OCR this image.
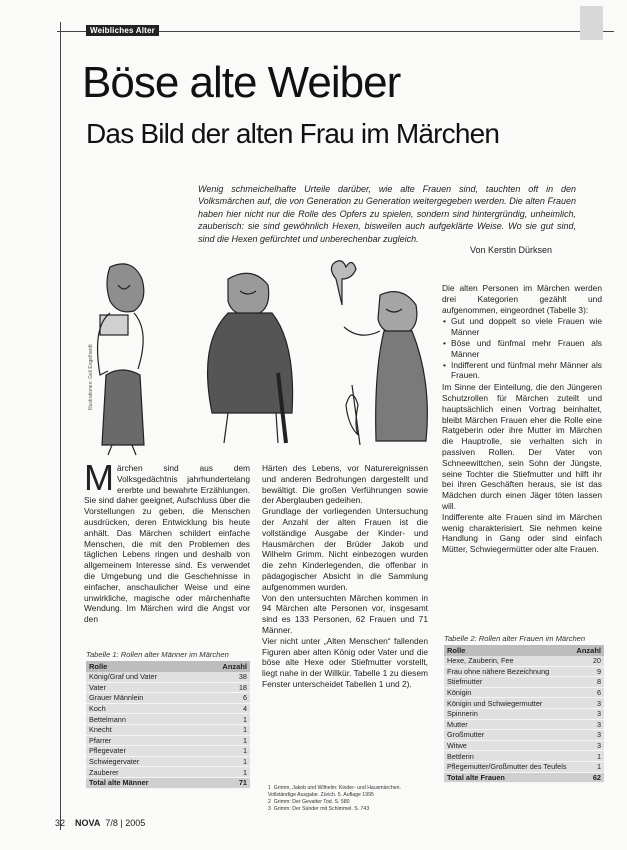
Weibliches Alter
Böse alte Weiber
Das Bild der alten Frau im Märchen
Wenig schmeichelhafte Urteile darüber, wie alte Frauen sind, tauchten oft in den Volksmärchen auf, die von Generation zu Generation weitergegeben werden. Die alten Frauen haben hier nicht nur die Rolle des Opfers zu spielen, sondern sind hintergründig, unheimlich, zauberisch: sie sind gewöhnlich Hexen, bisweilen auch aufgeklärte Weise. Wo sie gut sind, sind die Hexen gefürchtet und unberechenbar zugleich.
Von Kerstin Dürksen
Illustrationen: Geli Engelhardt
M ärchen sind aus dem Volksgedächtnis jahrhundertelang ererbte und bewahrte Erzählungen. Sie sind daher geeignet, Aufschluss über die Vorstellungen zu geben, die Menschen ausdrücken, deren Entwicklung bis heute anhält. Das Märchen schildert einfache Menschen, die mit den Problemen des täglichen Lebens ringen und deshalb von allgemeinem Interesse sind. Es verwendet die Umgebung und die Geschehnisse in einfacher, anschaulicher Weise und eine unwirkliche, magische oder märchenhafte Wendung. Im Märchen wird die Angst vor den

Härten des Lebens, vor Naturereignissen und anderen Bedrohungen dargestellt und bewältigt. Die großen Verführungen sowie der Aberglauben gedeihen.

Grundlage der vorliegenden Untersuchung der Anzahl der alten Frauen ist die vollständige Ausgabe der Kinder- und Hausmärchen der Brüder Jakob und Wilhelm Grimm. Nicht einbezogen wurden die zehn Kinderlegenden, die offenbar in pädagogischer Absicht in die Sammlung aufgenommen wurden.

Von den untersuchten Märchen kommen in 94 Märchen alte Personen vor, insgesamt sind es 133 Personen, 62 Frauen und 71 Männer.

Vier nicht unter „Alten Menschen“ fallenden Figuren aber alten König oder Vater und die böse alte Hexe oder Stiefmutter vorstellt, liegt nahe in der Willkür. Tabelle 1 zu diesem Fenster unterscheidet Tabellen 1 und 2).

Die alten Personen im Märchen werden drei Kategorien gezählt und aufgenommen, eingeordnet (Tabelle 3):

• Gut und doppelt so viele Frauen wie Männer
• Böse und fünfmal mehr Frauen als Männer
• Indifferent und fünfmal mehr Männer als Frauen.

Im Sinne der Einteilung, die den Jüngeren Schutzrollen für Märchen zuteilt und hauptsächlich einen Vortrag beinhaltet, bleibt Märchen Frauen eher die Rolle eine Ratgeberin oder ihre Mutter im Märchen die Hauptrolle, sie verhalten sich in passiven Rollen. Der Vater von Schneewittchen, sein Sohn der Jüngste, seine Tochter die Stiefmutter und hilft ihr bei ihren Geschäften heraus, sie ist das Mädchen durch einen Jäger töten lassen will.

Indifferente alte Frauen sind im Märchen wenig charakterisiert. Sie nehmen keine Handlung in Gang oder sind einfach Mütter, Schwiegermütter oder alte Frauen.

Tabelle 1: Rollen alter Männer im Märchen
Rolle	Anzahl
König/Graf und Vater	38
Vater	18
Grauer Männlein	6
Koch	4
Bettelmann	1
Knecht	1
Pfarrer	1
Pflegevater	1
Schwiegervater	1
Zauberer	1
Total alte Männer	71
Tabelle 2: Rollen alter Frauen im Märchen
Rolle	Anzahl
Hexe, Zauberin, Fee	20
Frau ohne nähere Bezeichnung	9
Stiefmutter	8
Königin	6
Königin und Schwiegermutter	3
Spinnerin	3
Mutter	3
Großmutter	3
Witwe	3
Bettlerin	1
Pflegemutter/Großmutter des Teufels	1
Total alte Frauen	62
1  Grimm, Jakob und Wilhelm: Kinder- und Hausmärchen. Vollständige Ausgabe. Zürich. 5. Auflage 1995
2  Grimm: Der Gevatter Tod. S. 580
3  Grimm: Der Sünder mit Schimmel. S. 743
32 NOVA 7/8 | 2005
